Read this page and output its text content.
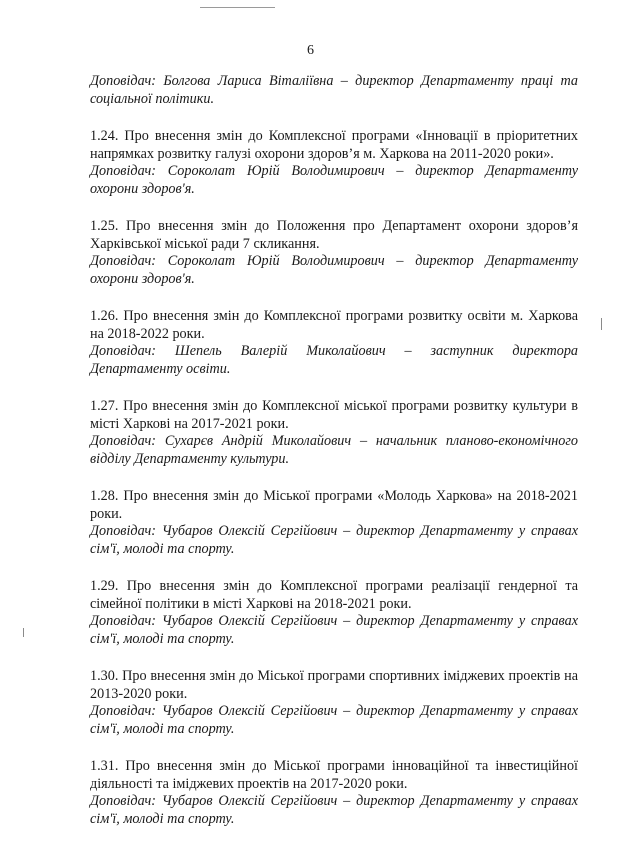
6
Доповідач: Болгова Лариса Віталіївна – директор Департаменту праці та соціальної політики.
1.24. Про внесення змін до Комплексної програми «Інновації в пріоритетних напрямках розвитку галузі охорони здоров’я м. Харкова на 2011-2020 роки».
Доповідач: Сороколат Юрій Володимирович – директор Департаменту охорони здоров'я.
1.25. Про внесення змін до Положення про Департамент охорони здоров’я Харківської міської ради 7 скликання.
Доповідач: Сороколат Юрій Володимирович – директор Департаменту охорони здоров'я.
1.26. Про внесення змін до Комплексної програми розвитку освіти м. Харкова на 2018-2022 роки.
Доповідач: Шепель Валерій Миколайович – заступник директора Департаменту освіти.
1.27. Про внесення змін до Комплексної міської програми розвитку культури в місті Харкові на 2017-2021 роки.
Доповідач: Сухарєв Андрій Миколайович – начальник планово-економічного відділу Департаменту культури.
1.28. Про внесення змін до Міської програми «Молодь Харкова» на 2018-2021 роки.
Доповідач: Чубаров Олексій Сергійович – директор Департаменту у справах сім'ї, молоді та спорту.
1.29. Про внесення змін до Комплексної програми реалізації гендерної та сімейної політики в місті Харкові на 2018-2021 роки.
Доповідач: Чубаров Олексій Сергійович – директор Департаменту у справах сім'ї, молоді та спорту.
1.30. Про внесення змін до Міської програми спортивних іміджевих проектів на 2013-2020 роки.
Доповідач: Чубаров Олексій Сергійович – директор Департаменту у справах сім'ї, молоді та спорту.
1.31. Про внесення змін до Міської програми інноваційної та інвестиційної діяльності та іміджевих проектів на 2017-2020 роки.
Доповідач: Чубаров Олексій Сергійович – директор Департаменту у справах сім'ї, молоді та спорту.
